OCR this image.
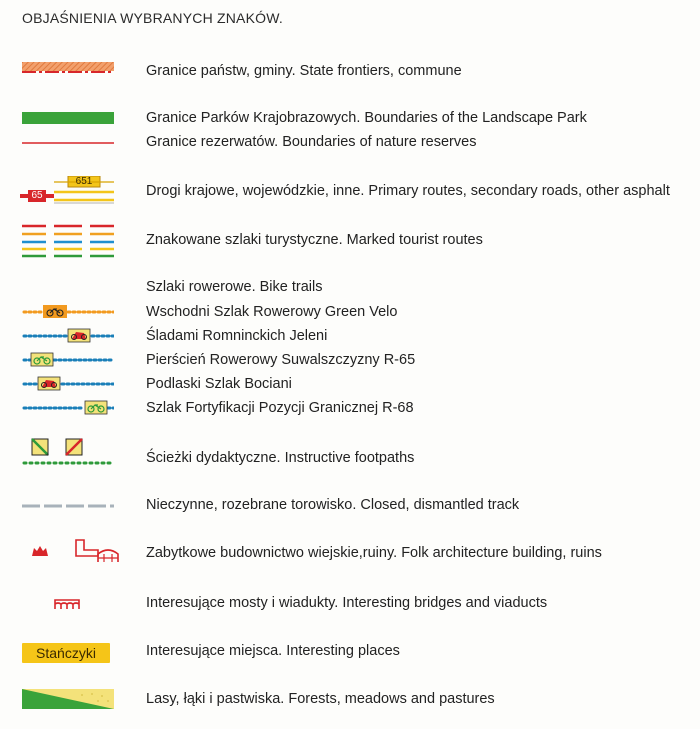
OBJAŚNIENIA WYBRANYCH ZNAKÓW.
Granice państw, gminy. State frontiers, commune
Granice Parków Krajobrazowych. Boundaries of the Landscape Park
Granice rezerwatów. Boundaries of nature reserves
65
651
Drogi krajowe, wojewódzkie, inne. Primary routes, secondary roads, other asphalt
Znakowane szlaki turystyczne. Marked tourist routes
Szlaki rowerowe. Bike trails
Wschodni Szlak Rowerowy Green Velo
Śladami Romninckich Jeleni
Pierścień Rowerowy Suwalszczyzny R-65
Podlaski Szlak Bociani
Szlak Fortyfikacji Pozycji Granicznej R-68
Ścieżki dydaktyczne. Instructive footpaths
Nieczynne, rozebrane torowisko. Closed, dismantled track
Zabytkowe budownictwo wiejskie,ruiny. Folk architecture building, ruins
Interesujące mosty i wiadukty. Interesting bridges and viaducts
Stańczyki	Interesujące miejsca. Interesting places
Lasy, łąki i pastwiska. Forests, meadows and pastures
